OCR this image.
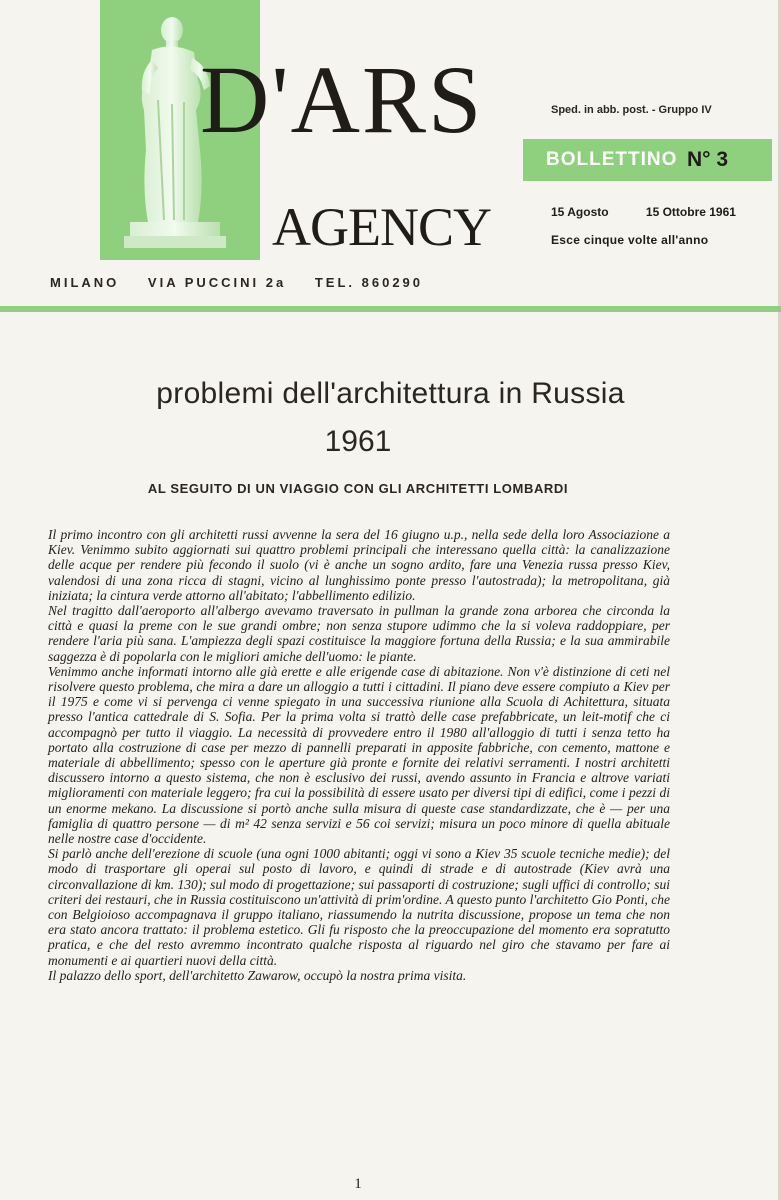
D'ARS
AGENCY
Sped. in abb. post. - Gruppo IV
BOLLETTINO N° 3
15 Agosto	15 Ottobre 1961
Esce cinque volte all'anno
MILANO VIA PUCCINI 2a TEL. 860290
problemi dell'architettura in Russia
1961
AL SEGUITO DI UN VIAGGIO CON GLI ARCHITETTI LOMBARDI

Il primo incontro con gli architetti russi avvenne la sera del 16 giugno u.p., nella sede della loro Associazione a Kiev. Venimmo subito aggiornati sui quattro problemi principali che interessano quella città: la canalizzazione delle acque per rendere più fecondo il suolo (vi è anche un sogno ardito, fare una Venezia russa presso Kiev, valendosi di una zona ricca di stagni, vicino al lunghissimo ponte presso l'autostrada); la metropolitana, già iniziata; la cintura verde attorno all'abitato; l'abbellimento edilizio.

Nel tragitto dall'aeroporto all'albergo avevamo traversato in pullman la grande zona arborea che circonda la città e quasi la preme con le sue grandi ombre; non senza stupore udimmo che la si voleva raddoppiare, per rendere l'aria più sana. L'ampiezza degli spazi costituisce la maggiore fortuna della Russia; e la sua ammirabile saggezza è di popolarla con le migliori amiche dell'uomo: le piante.

Venimmo anche informati intorno alle già erette e alle erigende case di abitazione. Non v'è distinzione di ceti nel risolvere questo problema, che mira a dare un alloggio a tutti i cittadini. Il piano deve essere compiuto a Kiev per il 1975 e come vi si pervenga ci venne spiegato in una successiva riunione alla Scuola di Achitettura, situata presso l'antica cattedrale di S. Sofia. Per la prima volta si trattò delle case prefabbricate, un leit-motif che ci accompagnò per tutto il viaggio. La necessità di provvedere entro il 1980 all'alloggio di tutti i senza tetto ha portato alla costruzione di case per mezzo di pannelli preparati in apposite fabbriche, con cemento, mattone e materiale di abbellimento; spesso con le aperture già pronte e fornite dei relativi serramenti. I nostri architetti discussero intorno a questo sistema, che non è esclusivo dei russi, avendo assunto in Francia e altrove variati miglioramenti con materiale leggero; fra cui la possibilità di essere usato per diversi tipi di edifici, come i pezzi di un enorme mekano. La discussione si portò anche sulla misura di queste case standardizzate, che è — per una famiglia di quattro persone — di m² 42 senza servizi e 56 coi servizi; misura un poco minore di quella abituale nelle nostre case d'occidente.

Si parlò anche dell'erezione di scuole (una ogni 1000 abitanti; oggi vi sono a Kiev 35 scuole tecniche medie); del modo di trasportare gli operai sul posto di lavoro, e quindi di strade e di autostrade (Kiev avrà una circonvallazione di km. 130); sul modo di progettazione; sui passaporti di costruzione; sugli uffici di controllo; sui criteri dei restauri, che in Russia costituiscono un'attività di prim'ordine. A questo punto l'architetto Gio Ponti, che con Belgioioso accompagnava il gruppo italiano, riassumendo la nutrita discussione, propose un tema che non era stato ancora trattato: il problema estetico. Gli fu risposto che la preoccupazione del momento era sopratutto pratica, e che del resto avremmo incontrato qualche risposta al riguardo nel giro che stavamo per fare ai monumenti e ai quartieri nuovi della città.

Il palazzo dello sport, dell'architetto Zawarow, occupò la nostra prima visita.

1
